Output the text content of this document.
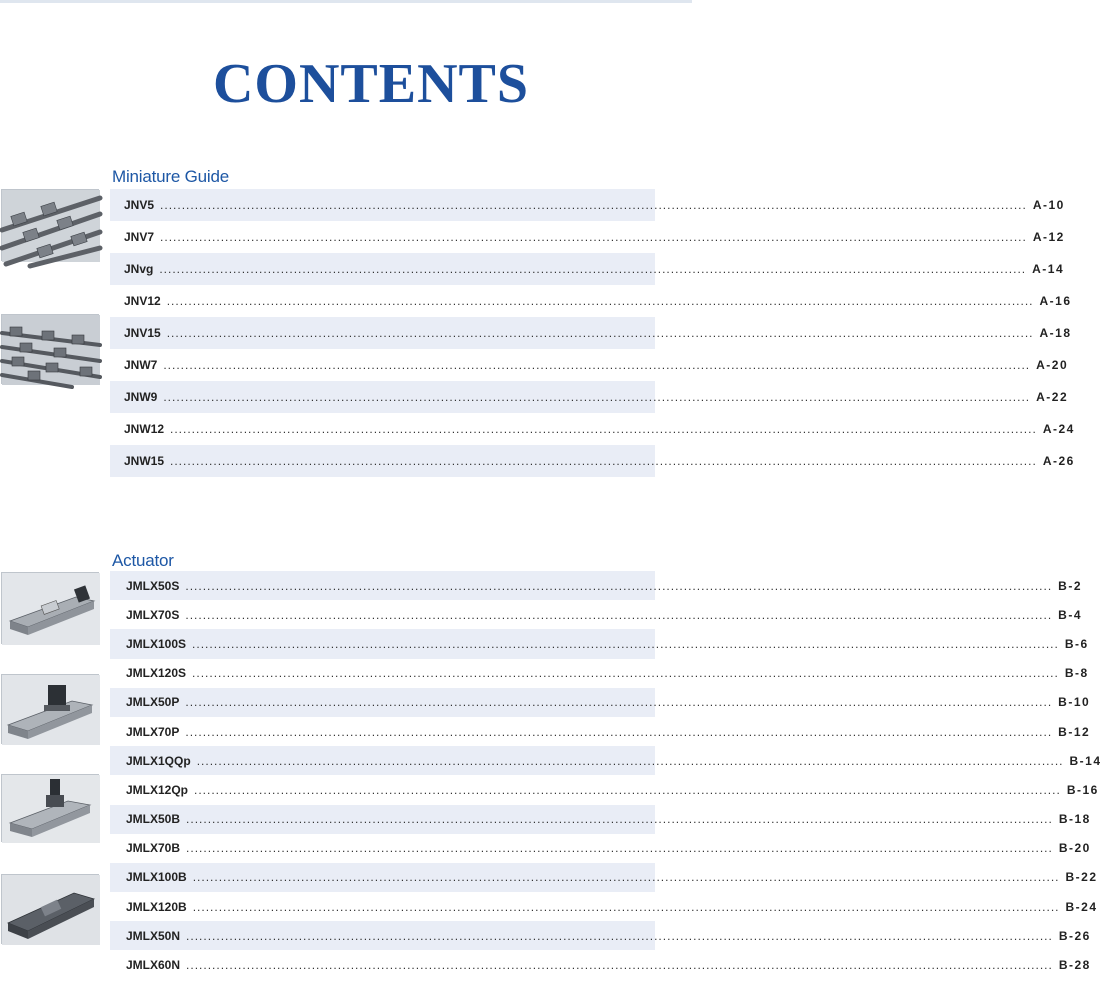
CONTENTS
Miniature Guide
JNV5 ........................................................................................................................................................................................................ A-10
JNV7 ........................................................................................................................................................................................................ A-12
JNvg ........................................................................................................................................................................................................ A-14
JNV12 ........................................................................................................................................................................................................ A-16
JNV15 ........................................................................................................................................................................................................ A-18
JNW7 ........................................................................................................................................................................................................ A-20
JNW9 ........................................................................................................................................................................................................ A-22
JNW12 ........................................................................................................................................................................................................ A-24
JNW15 ........................................................................................................................................................................................................ A-26
Actuator
JMLX50S ........................................................................................................................................................................................................ B-2
JMLX70S ........................................................................................................................................................................................................ B-4
JMLX100S ........................................................................................................................................................................................................ B-6
JMLX120S ........................................................................................................................................................................................................ B-8
JMLX50P ........................................................................................................................................................................................................ B-10
JMLX70P ........................................................................................................................................................................................................ B-12
JMLX1QQp ........................................................................................................................................................................................................ B-14
JMLX12Qp ........................................................................................................................................................................................................ B-16
JMLX50B ........................................................................................................................................................................................................ B-18
JMLX70B ........................................................................................................................................................................................................ B-20
JMLX100B ........................................................................................................................................................................................................ B-22
JMLX120B ........................................................................................................................................................................................................ B-24
JMLX50N ........................................................................................................................................................................................................ B-26
JMLX60N ........................................................................................................................................................................................................ B-28
